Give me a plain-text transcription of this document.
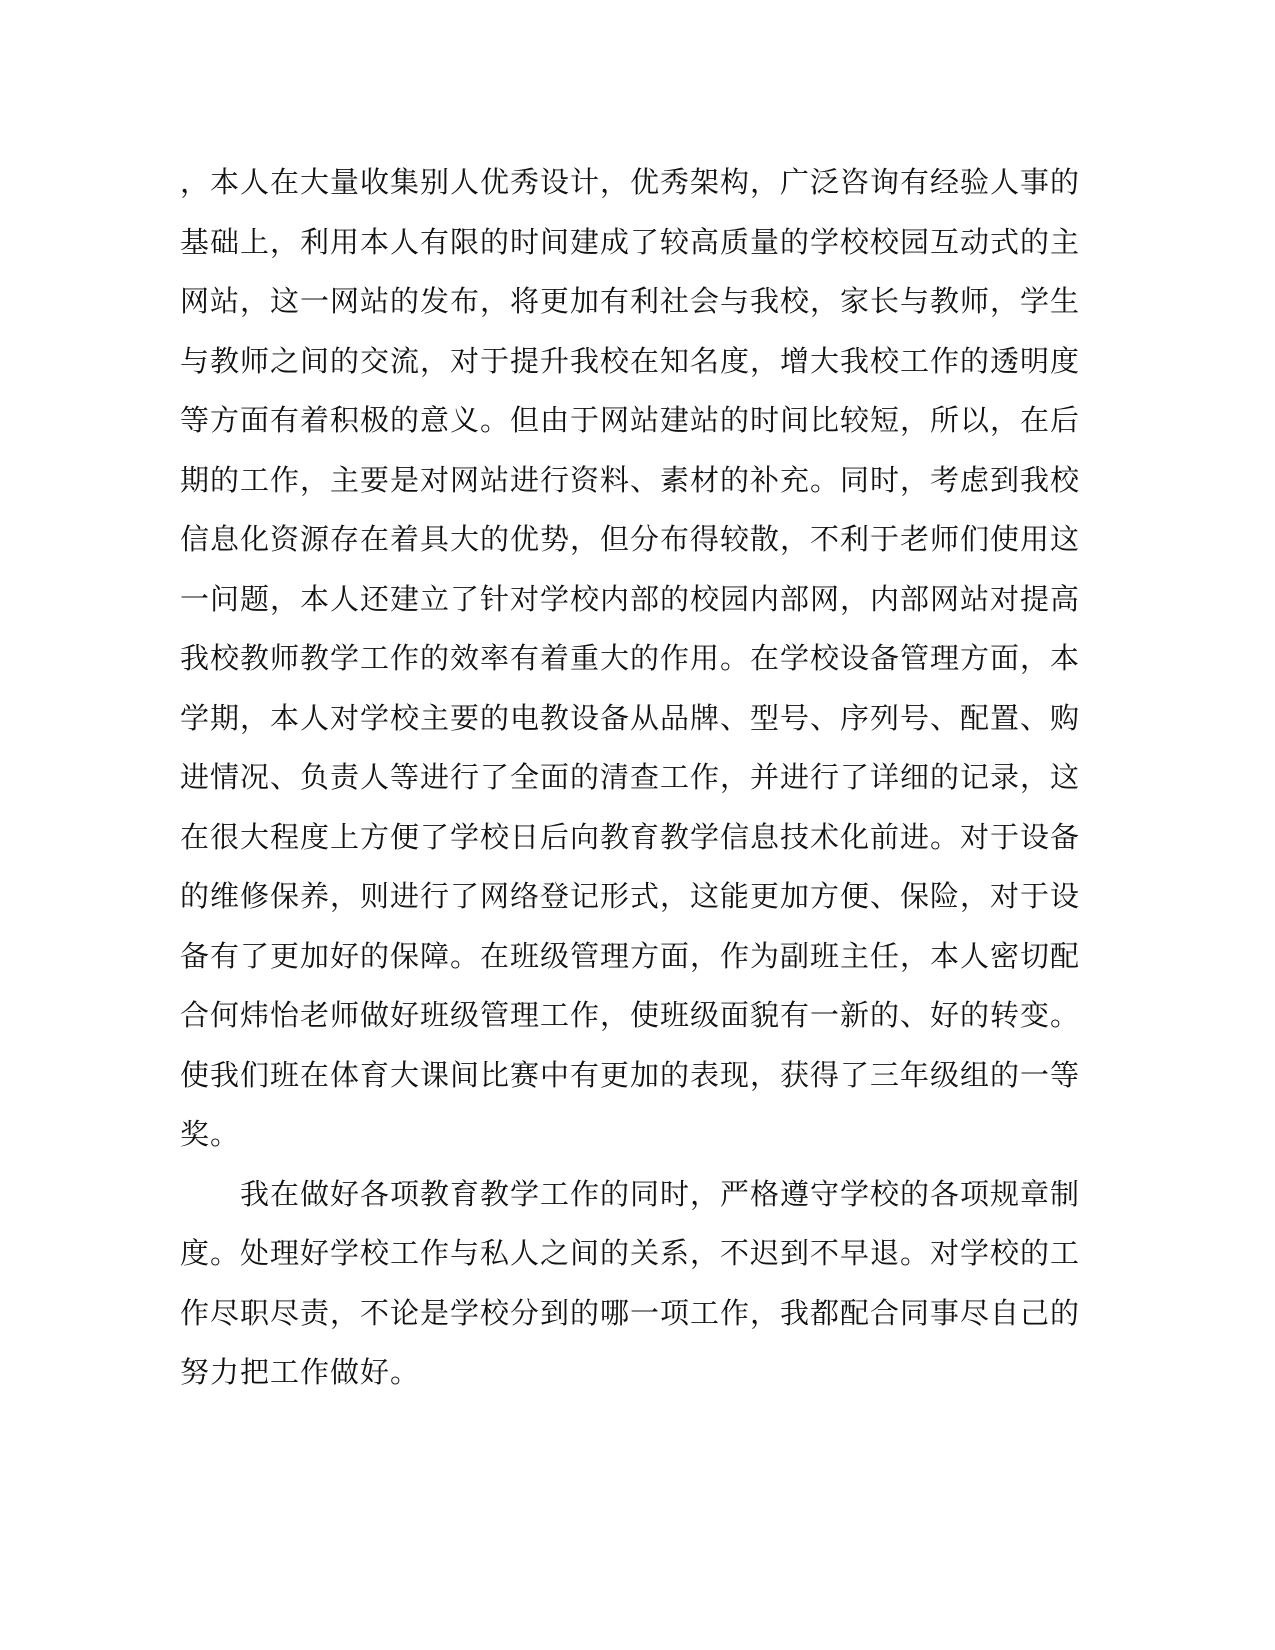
，本人在大量收集别人优秀设计，优秀架构，广泛咨询有经验人事的
基础上，利用本人有限的时间建成了较高质量的学校校园互动式的主
网站，这一网站的发布，将更加有利社会与我校，家长与教师，学生
与教师之间的交流，对于提升我校在知名度，增大我校工作的透明度
等方面有着积极的意义。但由于网站建站的时间比较短，所以，在后
期的工作，主要是对网站进行资料、素材的补充。同时，考虑到我校
信息化资源存在着具大的优势，但分布得较散，不利于老师们使用这
一问题，本人还建立了针对学校内部的校园内部网，内部网站对提高
我校教师教学工作的效率有着重大的作用。在学校设备管理方面，本
学期，本人对学校主要的电教设备从品牌、型号、序列号、配置、购
进情况、负责人等进行了全面的清查工作，并进行了详细的记录，这
在很大程度上方便了学校日后向教育教学信息技术化前进。对于设备
的维修保养，则进行了网络登记形式，这能更加方便、保险，对于设
备有了更加好的保障。在班级管理方面，作为副班主任，本人密切配
合何炜怡老师做好班级管理工作，使班级面貌有一新的、好的转变。
使我们班在体育大课间比赛中有更加的表现，获得了三年级组的一等
奖。
　　我在做好各项教育教学工作的同时，严格遵守学校的各项规章制
度。处理好学校工作与私人之间的关系，不迟到不早退。对学校的工
作尽职尽责，不论是学校分到的哪一项工作，我都配合同事尽自己的
努力把工作做好。
